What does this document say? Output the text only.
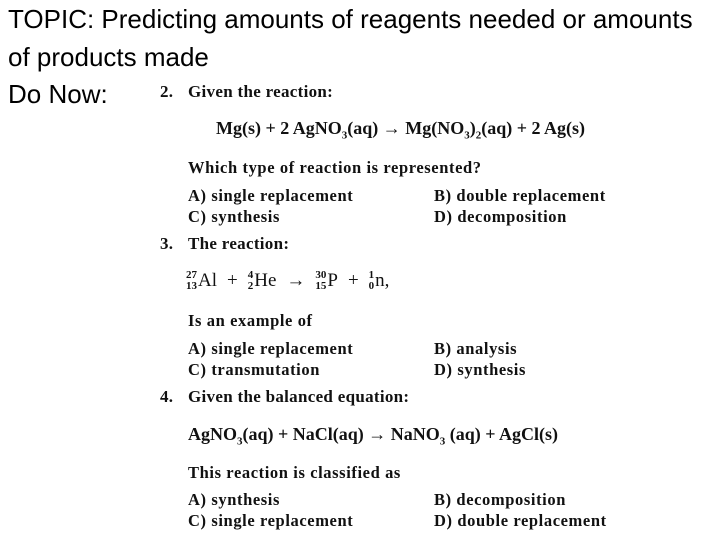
TOPIC: Predicting amounts of reagents needed or amounts of products made
Do Now:	2. Given the reaction:
Mg(s) + 2 AgNO$_3$(aq) → $Mg(NO_3)_2(aq) + 2$ Ag(s)
Which type of reaction is represented?
A) single replacement	B) double replacement
C) synthesis	D) decomposition
3. The reaction:
27
13 Al + 4
2 He → 30
15 P + 1
0 n,
Is an example of
A) single replacement	B) analysis
C) transmutation	D) synthesis
4. Given the balanced equation:
AgNO$_3$(aq) + NaCl(aq) → NaNO$_3$ (aq) + AgCl(s)
This reaction is classified as
A) synthesis	B) decomposition
C) single replacement	D) double replacement
